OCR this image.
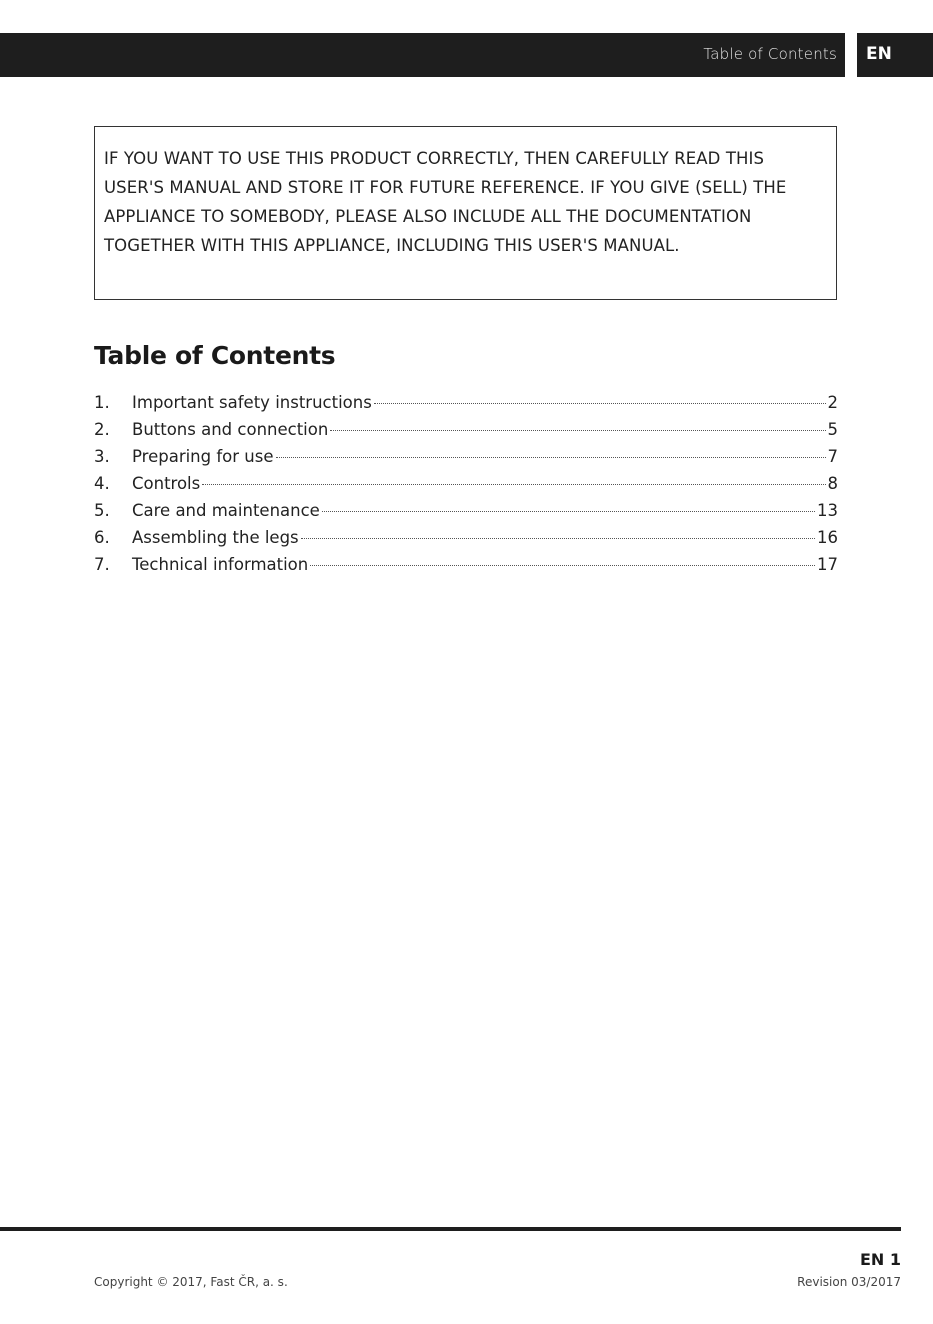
Table of Contents EN
IF YOU WANT TO USE THIS PRODUCT CORRECTLY, THEN CAREFULLY READ THIS USER'S MANUAL AND STORE IT FOR FUTURE REFERENCE. IF YOU GIVE (SELL) THE APPLIANCE TO SOMEBODY, PLEASE ALSO INCLUDE ALL THE DOCUMENTATION TOGETHER WITH THIS APPLIANCE, INCLUDING THIS USER'S MANUAL.
Table of Contents
1.	Important safety instructions	2
2.	Buttons and connection	5
3.	Preparing for use	7
4.	Controls	8
5.	Care and maintenance	13
6.	Assembling the legs	16
7.	Technical information	17
EN 1
Copyright © 2017, Fast ČR, a. s.	Revision 03/2017
